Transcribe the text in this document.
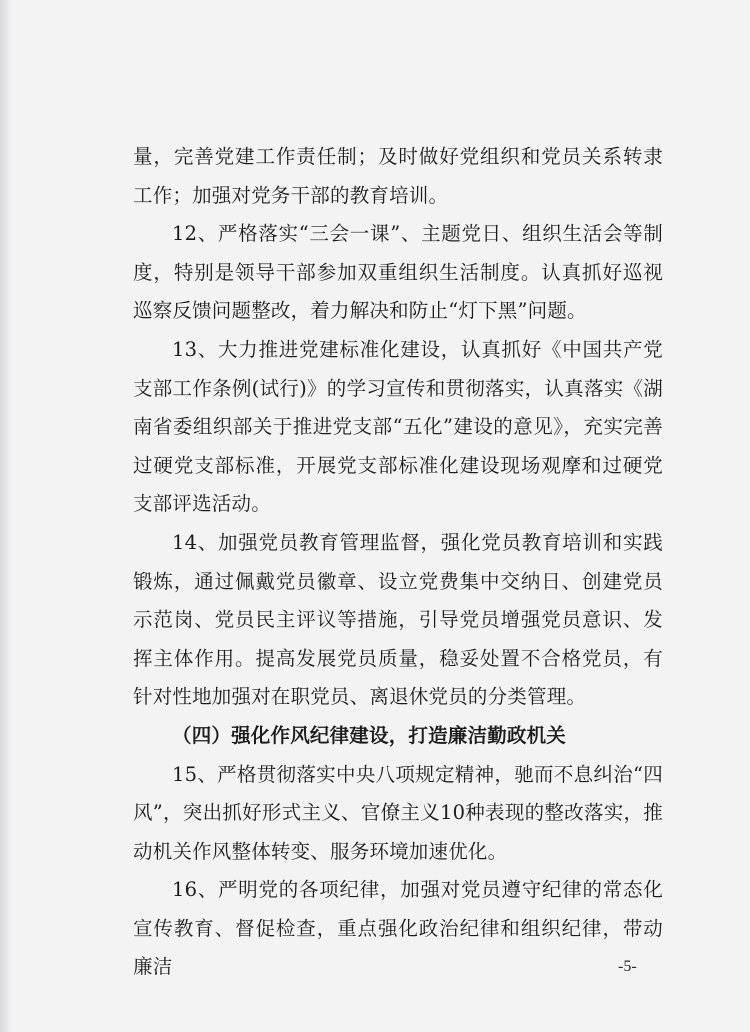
量，完善党建工作责任制；及时做好党组织和党员关系转隶工作；加强对党务干部的教育培训。

12、严格落实“三会一课”、主题党日、组织生活会等制度，特别是领导干部参加双重组织生活制度。认真抓好巡视巡察反馈问题整改，着力解决和防止“灯下黑”问题。

13、大力推进党建标准化建设，认真抓好《中国共产党支部工作条例(试行)》的学习宣传和贯彻落实，认真落实《湖南省委组织部关于推进党支部“五化”建设的意见》，充实完善过硬党支部标准，开展党支部标准化建设现场观摩和过硬党支部评选活动。

14、加强党员教育管理监督，强化党员教育培训和实践锻炼，通过佩戴党员徽章、设立党费集中交纳日、创建党员示范岗、党员民主评议等措施，引导党员增强党员意识、发挥主体作用。提高发展党员质量，稳妥处置不合格党员，有针对性地加强对在职党员、离退休党员的分类管理。

（四）强化作风纪律建设，打造廉洁勤政机关

15、严格贯彻落实中央八项规定精神，驰而不息纠治“四风”，突出抓好形式主义、官僚主义10种表现的整改落实，推动机关作风整体转变、服务环境加速优化。

16、严明党的各项纪律，加强对党员遵守纪律的常态化宣传教育、督促检查，重点强化政治纪律和组织纪律，带动廉洁	-5-
